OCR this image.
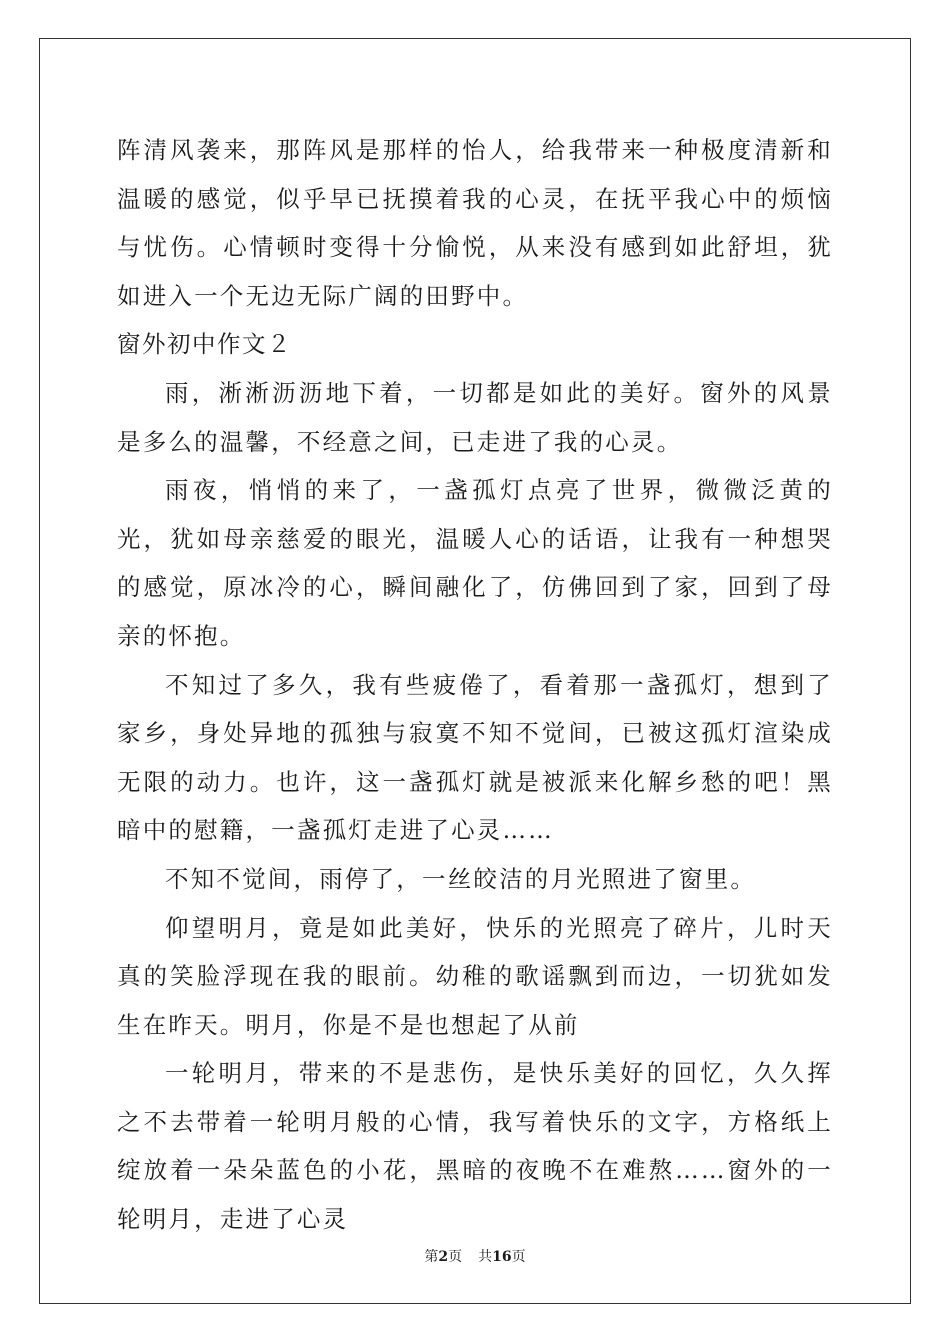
阵清风袭来，那阵风是那样的怡人，给我带来一种极度清新和温暖的感觉，似乎早已抚摸着我的心灵，在抚平我心中的烦恼与忧伤。心情顿时变得十分愉悦，从来没有感到如此舒坦，犹如进入一个无边无际广阔的田野中。

窗外初中作文２

雨，淅淅沥沥地下着，一切都是如此的美好。窗外的风景是多么的温馨，不经意之间，已走进了我的心灵。

雨夜，悄悄的来了，一盏孤灯点亮了世界，微微泛黄的光，犹如母亲慈爱的眼光，温暖人心的话语，让我有一种想哭的感觉，原冰冷的心，瞬间融化了，仿佛回到了家，回到了母亲的怀抱。

不知过了多久，我有些疲倦了，看着那一盏孤灯，想到了家乡，身处异地的孤独与寂寞不知不觉间，已被这孤灯渲染成无限的动力。也许，这一盏孤灯就是被派来化解乡愁的吧！黑暗中的慰籍，一盏孤灯走进了心灵……

不知不觉间，雨停了，一丝皎洁的月光照进了窗里。

仰望明月，竟是如此美好，快乐的光照亮了碎片，儿时天真的笑脸浮现在我的眼前。幼稚的歌谣飘到而边，一切犹如发生在昨天。明月，你是不是也想起了从前

一轮明月，带来的不是悲伤，是快乐美好的回忆，久久挥之不去带着一轮明月般的心情，我写着快乐的文字，方格纸上绽放着一朵朵蓝色的小花，黑暗的夜晚不在难熬……窗外的一轮明月，走进了心灵

第2页 共16页
